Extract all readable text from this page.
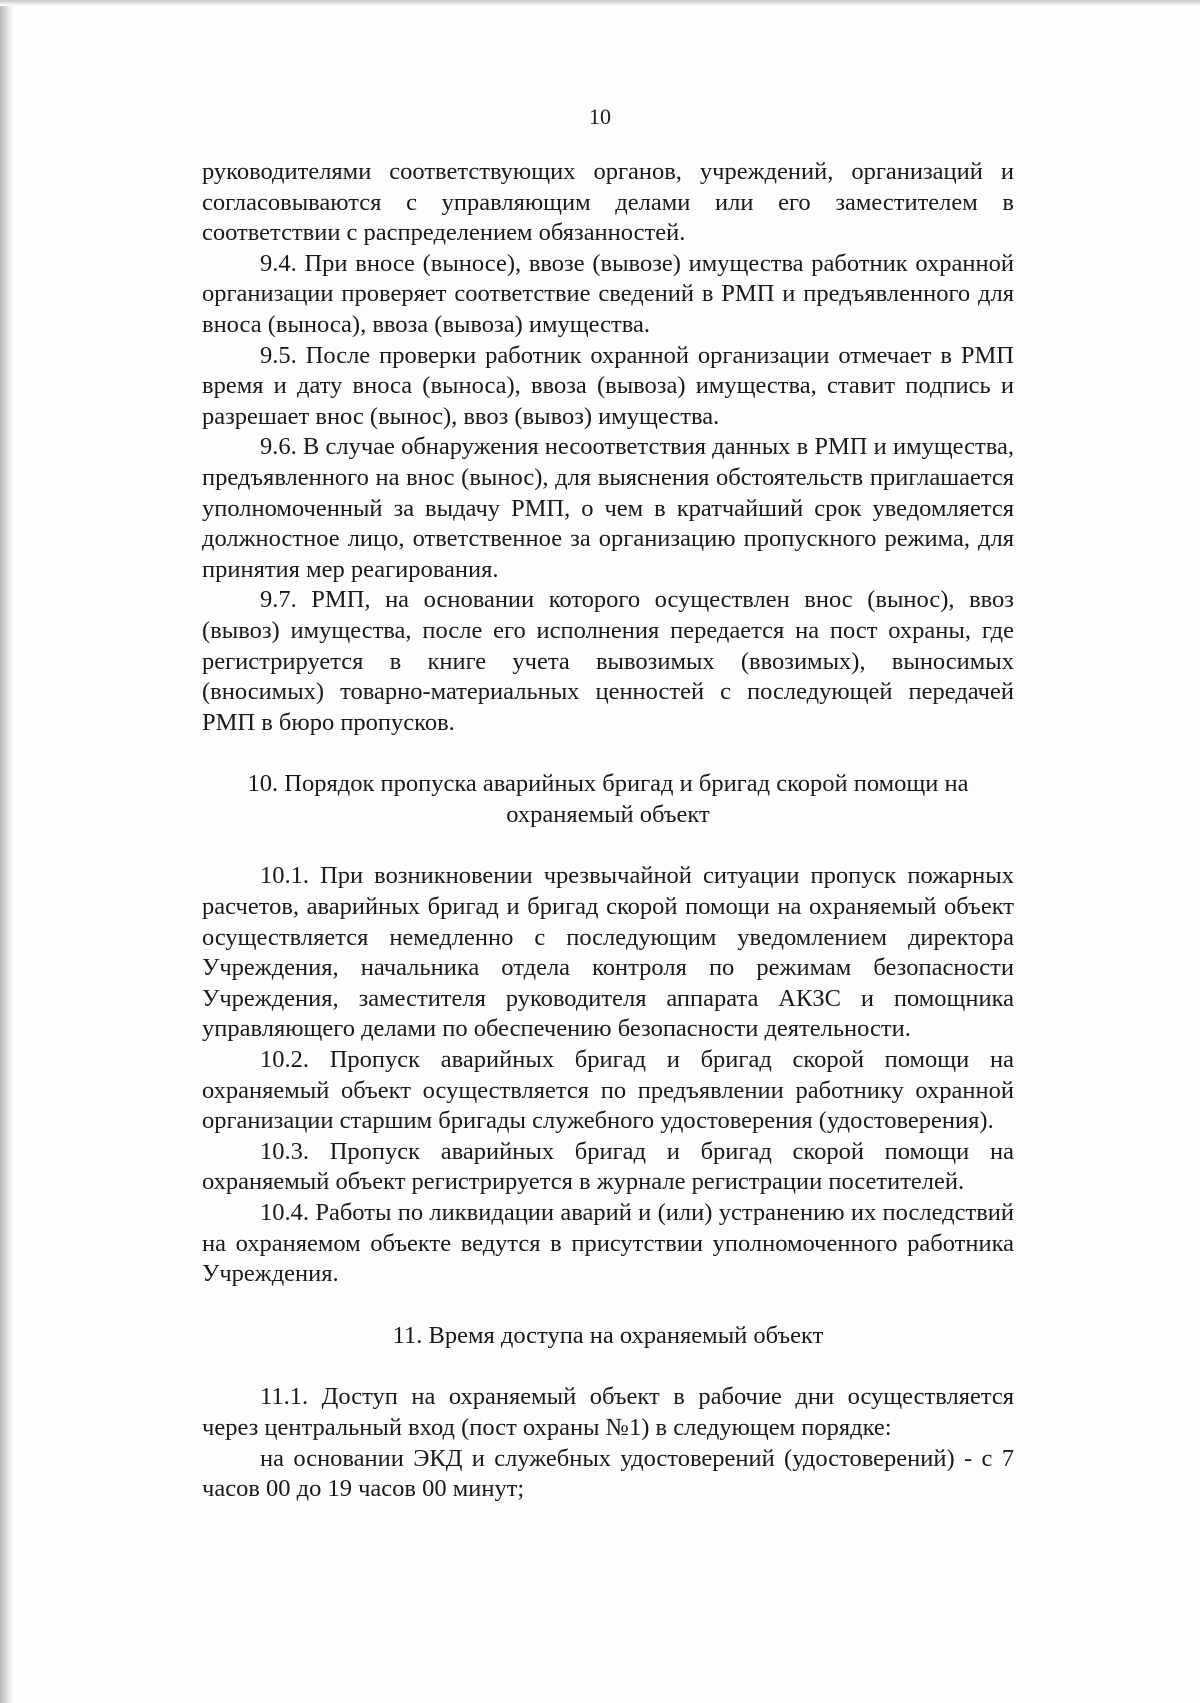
10

руководителями соответствующих органов, учреждений, организаций и согласовываются с управляющим делами или его заместителем в соответствии с распределением обязанностей.

9.4. При вносе (выносе), ввозе (вывозе) имущества работник охранной организации проверяет соответствие сведений в РМП и предъявленного для вноса (выноса), ввоза (вывоза) имущества.

9.5. После проверки работник охранной организации отмечает в РМП время и дату вноса (выноса), ввоза (вывоза) имущества, ставит подпись и разрешает внос (вынос), ввоз (вывоз) имущества.

9.6. В случае обнаружения несоответствия данных в РМП и имущества, предъявленного на внос (вынос), для выяснения обстоятельств приглашается уполномоченный за выдачу РМП, о чем в кратчайший срок уведомляется должностное лицо, ответственное за организацию пропускного режима, для принятия мер реагирования.

9.7. РМП, на основании которого осуществлен внос (вынос), ввоз (вывоз) имущества, после его исполнения передается на пост охраны, где регистрируется в книге учета вывозимых (ввозимых), выносимых (вносимых) товарно-материальных ценностей с последующей передачей РМП в бюро пропусков.

10. Порядок пропуска аварийных бригад и бригад скорой помощи на охраняемый объект

10.1. При возникновении чрезвычайной ситуации пропуск пожарных расчетов, аварийных бригад и бригад скорой помощи на охраняемый объект осуществляется немедленно с последующим уведомлением директора Учреждения, начальника отдела контроля по режимам безопасности Учреждения, заместителя руководителя аппарата АКЗС и помощника управляющего делами по обеспечению безопасности деятельности.

10.2. Пропуск аварийных бригад и бригад скорой помощи на охраняемый объект осуществляется по предъявлении работнику охранной организации старшим бригады служебного удостоверения (удостоверения).

10.3. Пропуск аварийных бригад и бригад скорой помощи на охраняемый объект регистрируется в журнале регистрации посетителей.

10.4. Работы по ликвидации аварий и (или) устранению их последствий на охраняемом объекте ведутся в присутствии уполномоченного работника Учреждения.

11. Время доступа на охраняемый объект

11.1. Доступ на охраняемый объект в рабочие дни осуществляется через центральный вход (пост охраны №1) в следующем порядке:

на основании ЭКД и служебных удостоверений (удостоверений) - с 7 часов 00 до 19 часов 00 минут;
